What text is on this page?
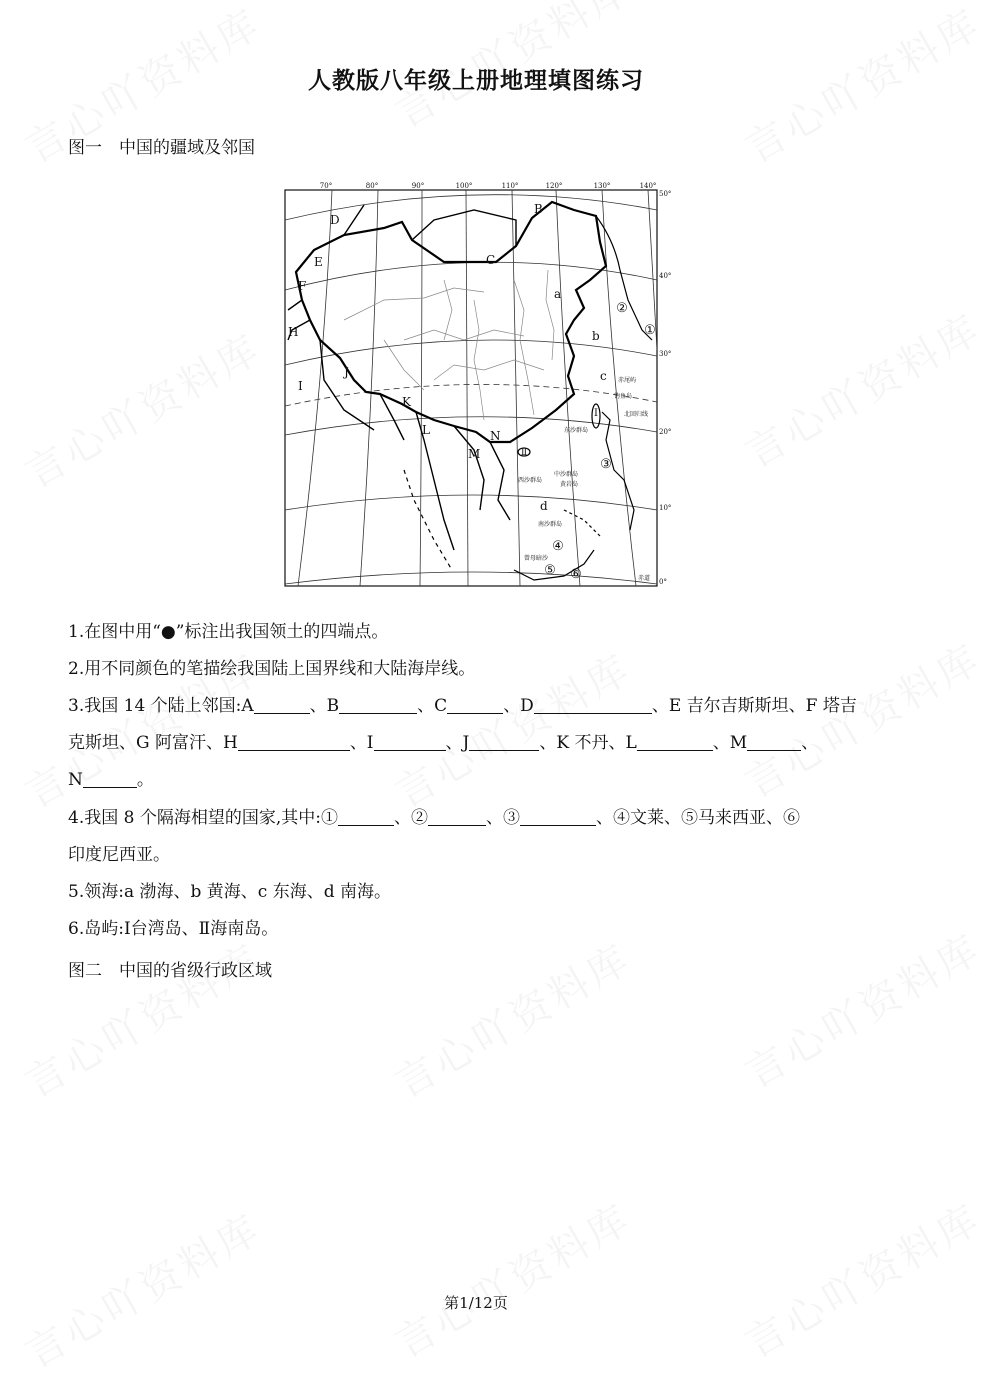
人教版八年级上册地理填图练习
图一　中国的疆域及邻国
70°	80°	90°	100°	110°	120°	130°	140°
50°
40°
30°
20°
10°
0°
B
C
D
E
F
H
I
J
K
L
M
N
a
b
c
d
①
②
③
④
⑤ ⑥
Ⅰ
Ⅱ
赤尾屿
钓鱼岛
北回归线
东沙群岛
西沙群岛
中沙群岛
黄岩岛
南沙群岛
曾母暗沙
赤道
1.在图中用“●”标注出我国领土的四端点。
2.用不同颜色的笔描绘我国陆上国界线和大陆海岸线。
3.我国 14 个陆上邻国:A	、B	、C	、D	、E 吉尔吉斯斯坦、F 塔吉
克斯坦、G 阿富汗、H	、I	、J	、K 不丹、L	、M	、
N	。
4.我国 8 个隔海相望的国家,其中:①	、②	、③	、④文莱、⑤马来西亚、⑥
印度尼西亚。
5.领海:a 渤海、b 黄海、c 东海、d 南海。
6.岛屿:Ⅰ台湾岛、Ⅱ海南岛。
图二　中国的省级行政区域
第1/12页
